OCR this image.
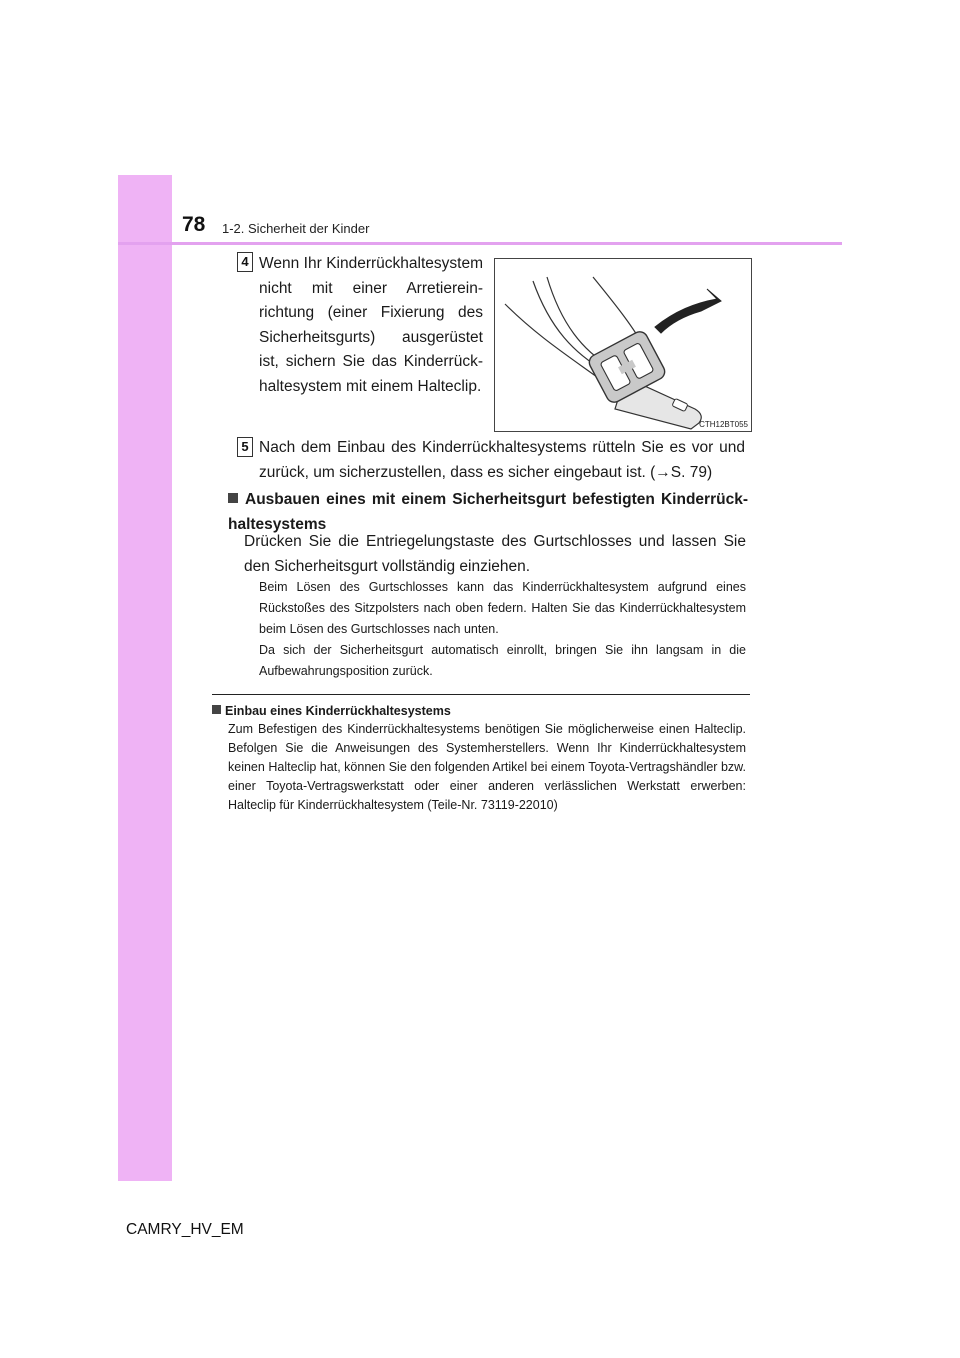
78 1-2. Sicherheit der Kinder
4 Wenn Ihr Kinderrückhaltesystem nicht mit einer Arretiereinrichtung (einer Fixierung des Sicherheitsgurts) ausgerüstet ist, sichern Sie das Kinderrückhaltesystem mit einem Halteclip.
CTH12BT055
5 Nach dem Einbau des Kinderrückhaltesystems rütteln Sie es vor und zurück, um sicherzustellen, dass es sicher eingebaut ist. (→S. 79)
Ausbauen eines mit einem Sicherheitsgurt befestigten Kinderrückhaltesystems
Drücken Sie die Entriegelungstaste des Gurtschlosses und lassen Sie den Sicherheitsgurt vollständig einziehen.
Beim Lösen des Gurtschlosses kann das Kinderrückhaltesystem aufgrund eines Rückstoßes des Sitzpolsters nach oben federn. Halten Sie das Kinderrückhaltesystem beim Lösen des Gurtschlosses nach unten.
Da sich der Sicherheitsgurt automatisch einrollt, bringen Sie ihn langsam in die Aufbewahrungsposition zurück.
Einbau eines Kinderrückhaltesystems
Zum Befestigen des Kinderrückhaltesystems benötigen Sie möglicherweise einen Halteclip. Befolgen Sie die Anweisungen des Systemherstellers. Wenn Ihr Kinderrückhaltesystem keinen Halteclip hat, können Sie den folgenden Artikel bei einem Toyota-Vertragshändler bzw. einer Toyota-Vertragswerkstatt oder einer anderen verlässlichen Werkstatt erwerben: Halteclip für Kinderrückhaltesystem (Teile-Nr. 73119-22010)
CAMRY_HV_EM
